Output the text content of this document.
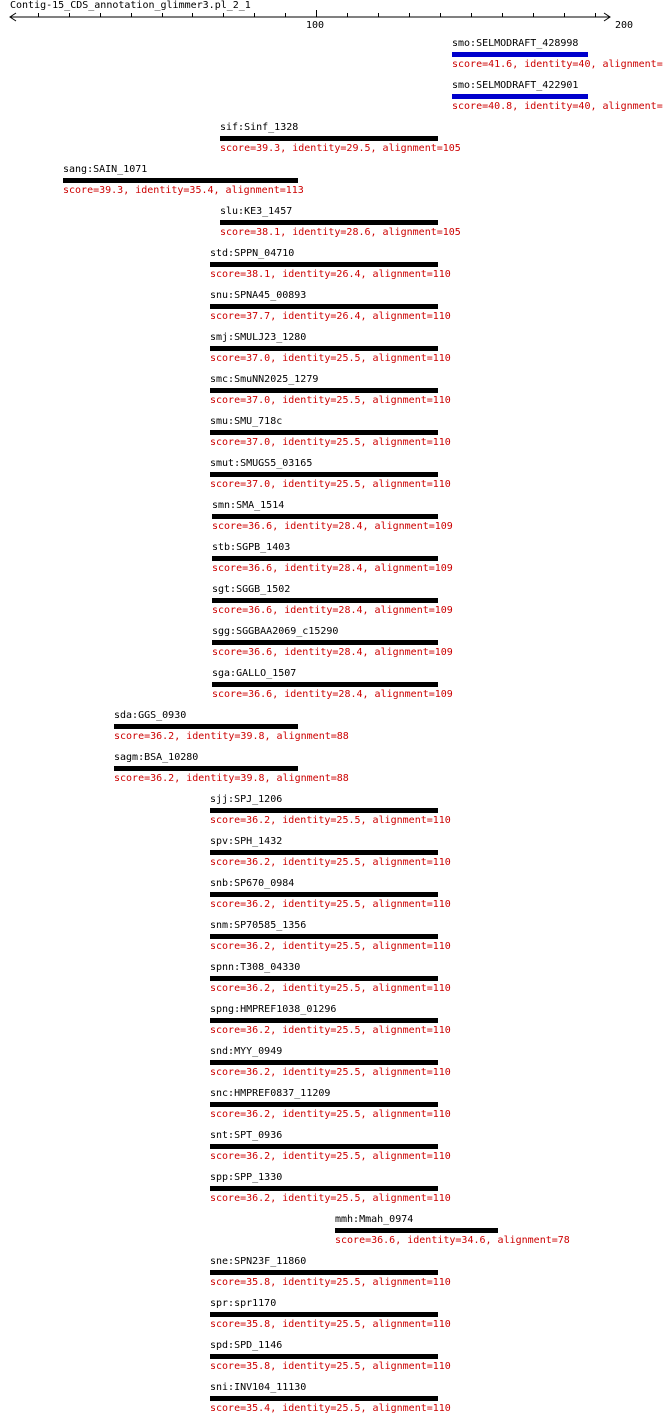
Contig-15_CDS_annotation_glimmer3.pl_2_1
100	200
smo:SELMODRAFT_428998
score=41.6, identity=40, alignment=
smo:SELMODRAFT_422901
score=40.8, identity=40, alignment=
sif:Sinf_1328
score=39.3, identity=29.5, alignment=105
sang:SAIN_1071
score=39.3, identity=35.4, alignment=113
slu:KE3_1457
score=38.1, identity=28.6, alignment=105
std:SPPN_04710
score=38.1, identity=26.4, alignment=110
snu:SPNA45_00893
score=37.7, identity=26.4, alignment=110
smj:SMULJ23_1280
score=37.0, identity=25.5, alignment=110
smc:SmuNN2025_1279
score=37.0, identity=25.5, alignment=110
smu:SMU_718c
score=37.0, identity=25.5, alignment=110
smut:SMUGS5_03165
score=37.0, identity=25.5, alignment=110
smn:SMA_1514
score=36.6, identity=28.4, alignment=109
stb:SGPB_1403
score=36.6, identity=28.4, alignment=109
sgt:SGGB_1502
score=36.6, identity=28.4, alignment=109
sgg:SGGBAA2069_c15290
score=36.6, identity=28.4, alignment=109
sga:GALLO_1507
score=36.6, identity=28.4, alignment=109
sda:GGS_0930
score=36.2, identity=39.8, alignment=88
sagm:BSA_10280
score=36.2, identity=39.8, alignment=88
sjj:SPJ_1206
score=36.2, identity=25.5, alignment=110
spv:SPH_1432
score=36.2, identity=25.5, alignment=110
snb:SP670_0984
score=36.2, identity=25.5, alignment=110
snm:SP70585_1356
score=36.2, identity=25.5, alignment=110
spnn:T308_04330
score=36.2, identity=25.5, alignment=110
spng:HMPREF1038_01296
score=36.2, identity=25.5, alignment=110
snd:MYY_0949
score=36.2, identity=25.5, alignment=110
snc:HMPREF0837_11209
score=36.2, identity=25.5, alignment=110
snt:SPT_0936
score=36.2, identity=25.5, alignment=110
spp:SPP_1330
score=36.2, identity=25.5, alignment=110
mmh:Mmah_0974
score=36.6, identity=34.6, alignment=78
sne:SPN23F_11860
score=35.8, identity=25.5, alignment=110
spr:spr1170
score=35.8, identity=25.5, alignment=110
spd:SPD_1146
score=35.8, identity=25.5, alignment=110
sni:INV104_11130
score=35.4, identity=25.5, alignment=110
